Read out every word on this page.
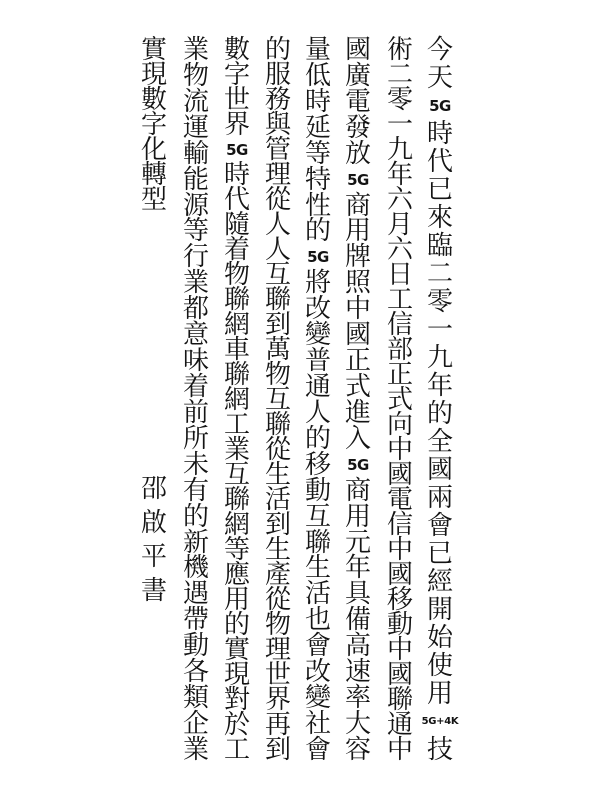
今
天
5G
時
代
已
來
臨
二
零
一
九
年
的
全
國
兩
會
已
經
開
始
使
用
5G+4K
技
術
二
零
一
九
年
六
月
六
日
工
信
部
正
式
向
中
國
電
信
中
國
移
動
中
國
聯
通
中
國
廣
電
發
放
5G
商
用
牌
照
中
國
正
式
進
入
5G
商
用
元
年
具
備
高
速
率
大
容
量
低
時
延
等
特
性
的
5G
將
改
變
普
通
人
的
移
動
互
聯
生
活
也
會
改
變
社
會
的
服
務
與
管
理
從
人
人
互
聯
到
萬
物
互
聯
從
生
活
到
生
產
從
物
理
世
界
再
到
數
字
世
界
5G
時
代
隨
着
物
聯
網
車
聯
網
工
業
互
聯
網
等
應
用
的
實
現
對
於
工
業
物
流
運
輸
能
源
等
行
業
都
意
味
着
前
所
未
有
的
新
機
遇
帶
動
各
類
企
業
實
現
數
字
化
轉
型
邵
啟
平
書
